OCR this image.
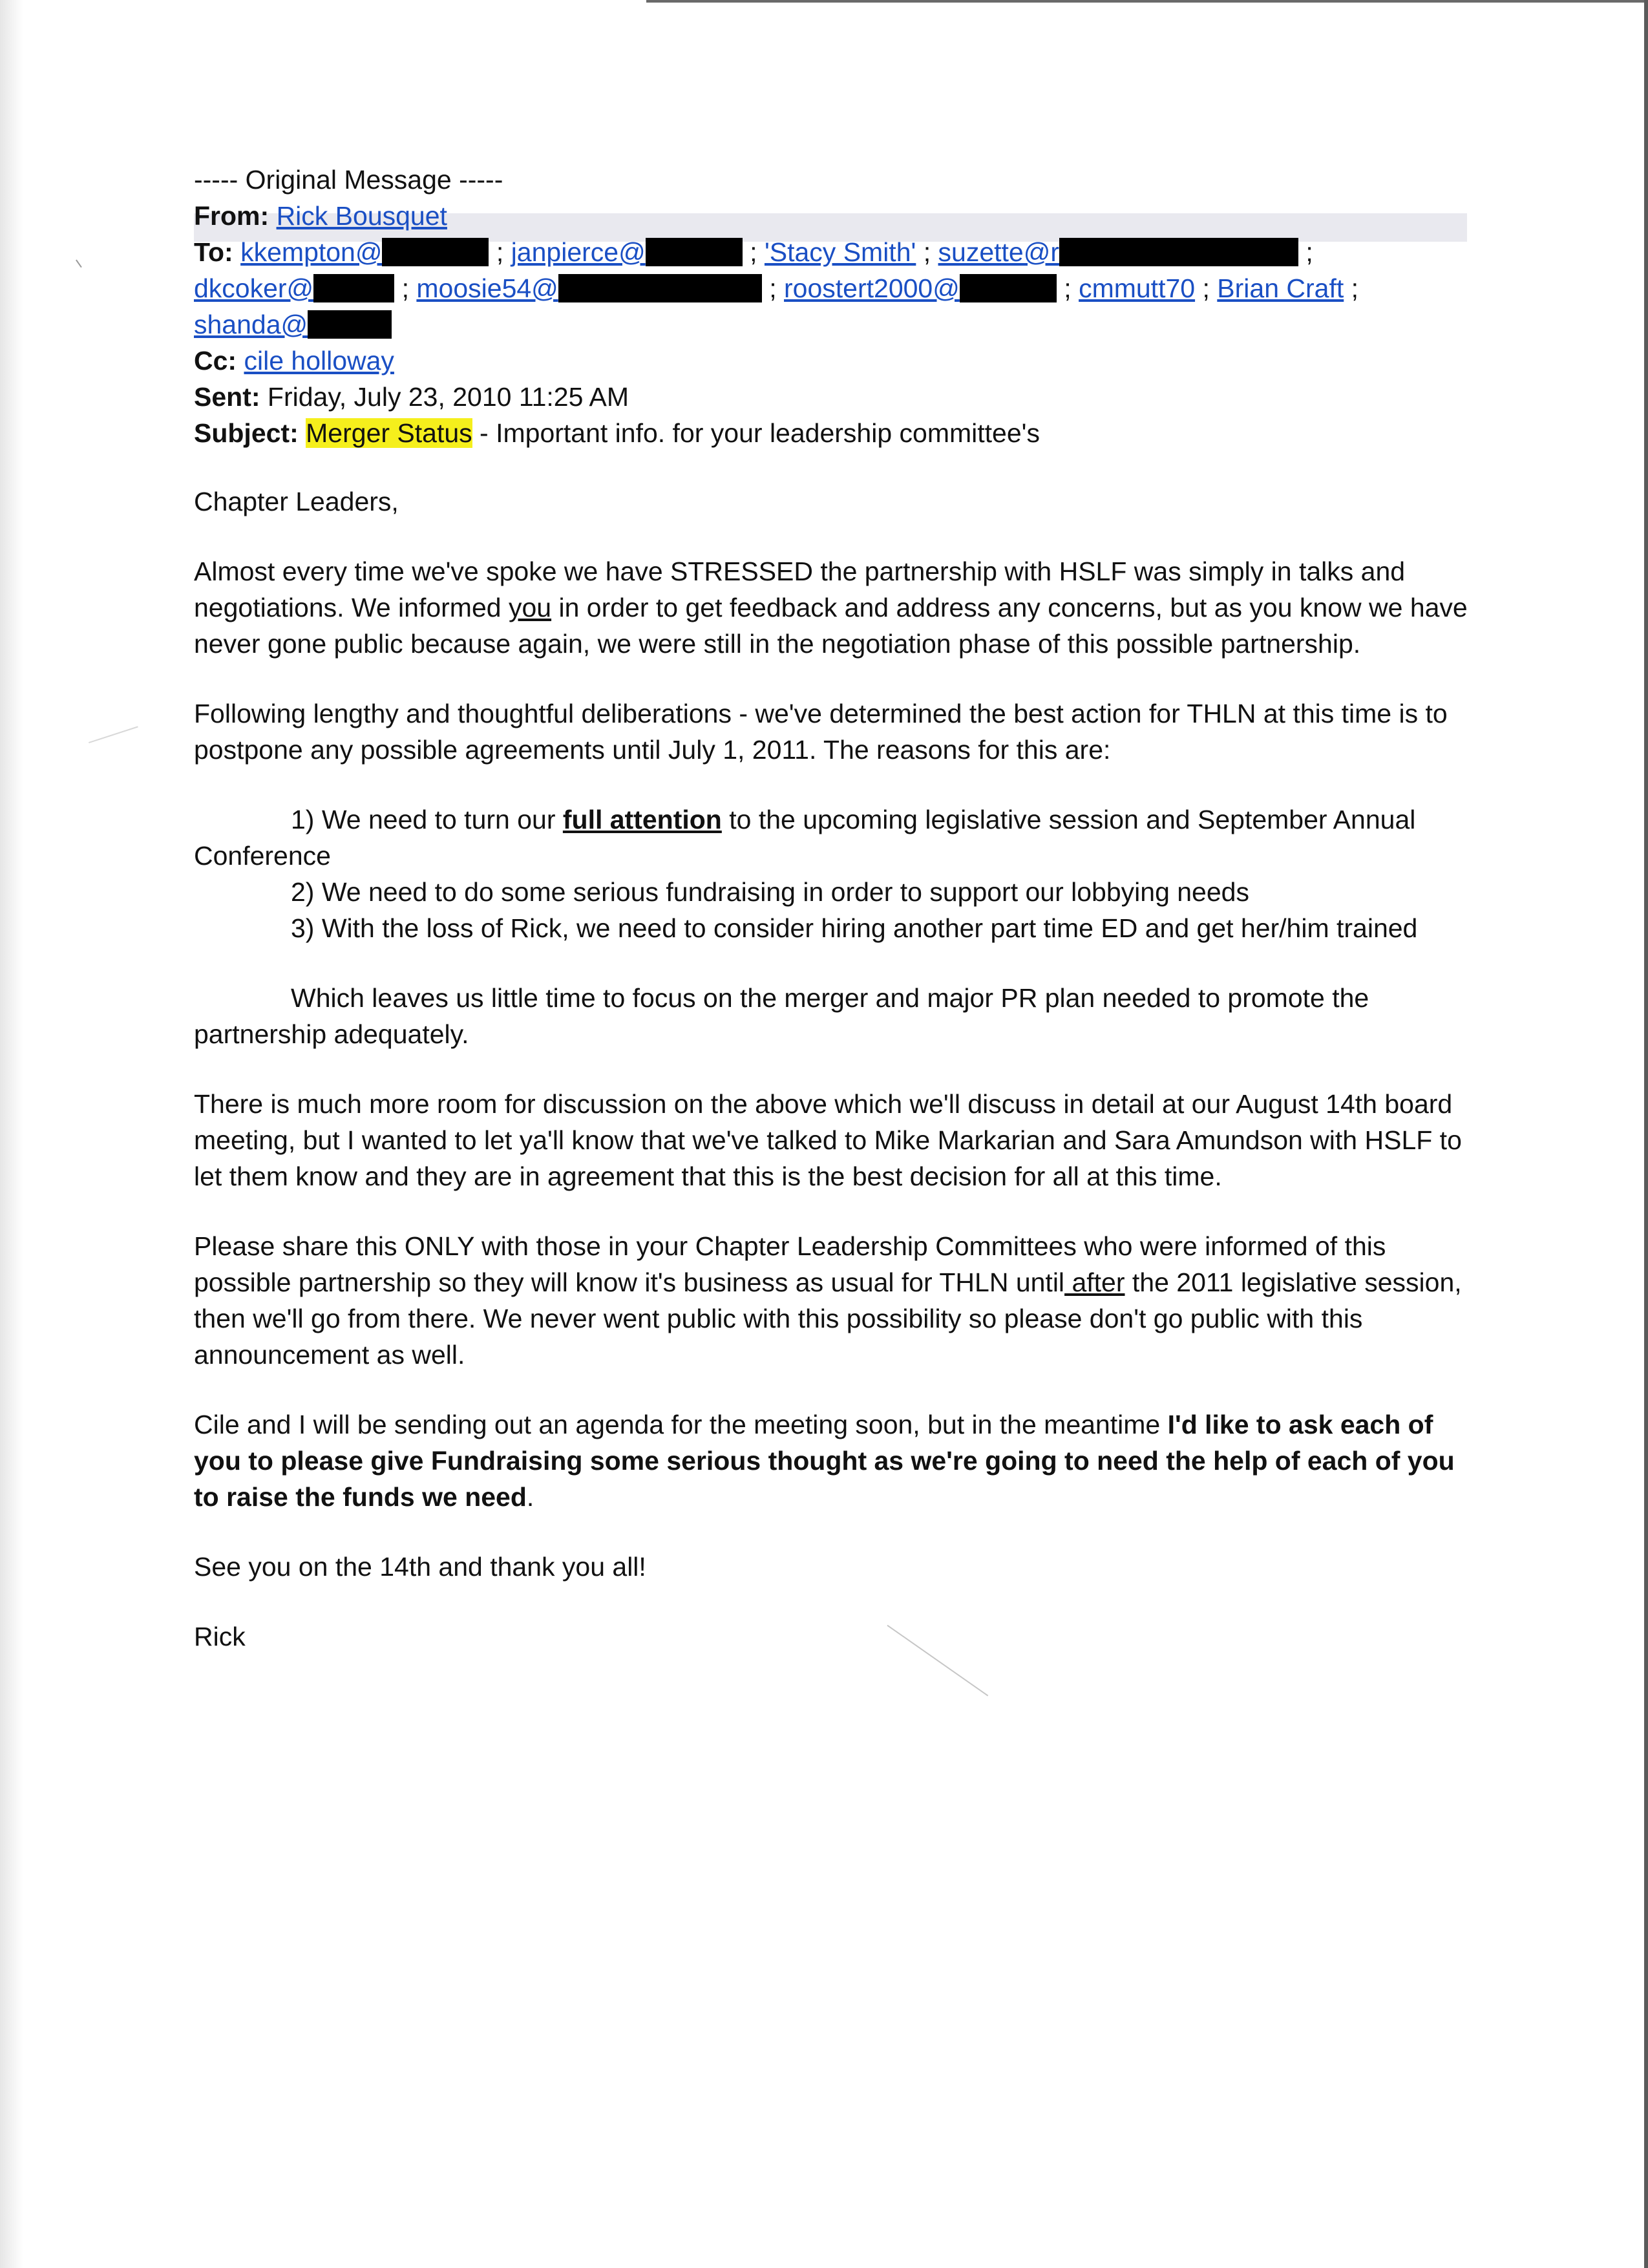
----- Original Message -----
From: Rick Bousquet
To: kkempton@	; janpierce@	; 'Stacy Smith' ; suzette@r	;
dkcoker@	; moosie54@	; roostert2000@	; cmmutt70 ; Brian Craft ;
shanda@
Cc: cile holloway
Sent: Friday, July 23, 2010 11:25 AM
Subject: Merger Status - Important info. for your leadership committee's

Chapter Leaders,

Almost every time we've spoke we have STRESSED the partnership with HSLF was simply in talks and negotiations. We informed you in order to get feedback and address any concerns, but as you know we have never gone public because again, we were still in the negotiation phase of this possible partnership.

Following lengthy and thoughtful deliberations - we've determined the best action for THLN at this time is to postpone any possible agreements until July 1, 2011. The reasons for this are:

1) We need to turn our full attention to the upcoming legislative session and September Annual Conference

2) We need to do some serious fundraising in order to support our lobbying needs

3) With the loss of Rick, we need to consider hiring another part time ED and get her/him trained

Which leaves us little time to focus on the merger and major PR plan needed to promote the partnership adequately.

There is much more room for discussion on the above which we'll discuss in detail at our August 14th board meeting, but I wanted to let ya'll know that we've talked to Mike Markarian and Sara Amundson with HSLF to let them know and they are in agreement that this is the best decision for all at this time.

Please share this ONLY with those in your Chapter Leadership Committees who were informed of this possible partnership so they will know it's business as usual for THLN until after the 2011 legislative session, then we'll go from there. We never went public with this possibility so please don't go public with this announcement as well.

Cile and I will be sending out an agenda for the meeting soon, but in the meantime I'd like to ask each of you to please give Fundraising some serious thought as we're going to need the help of each of you to raise the funds we need.

See you on the 14th and thank you all!

Rick
